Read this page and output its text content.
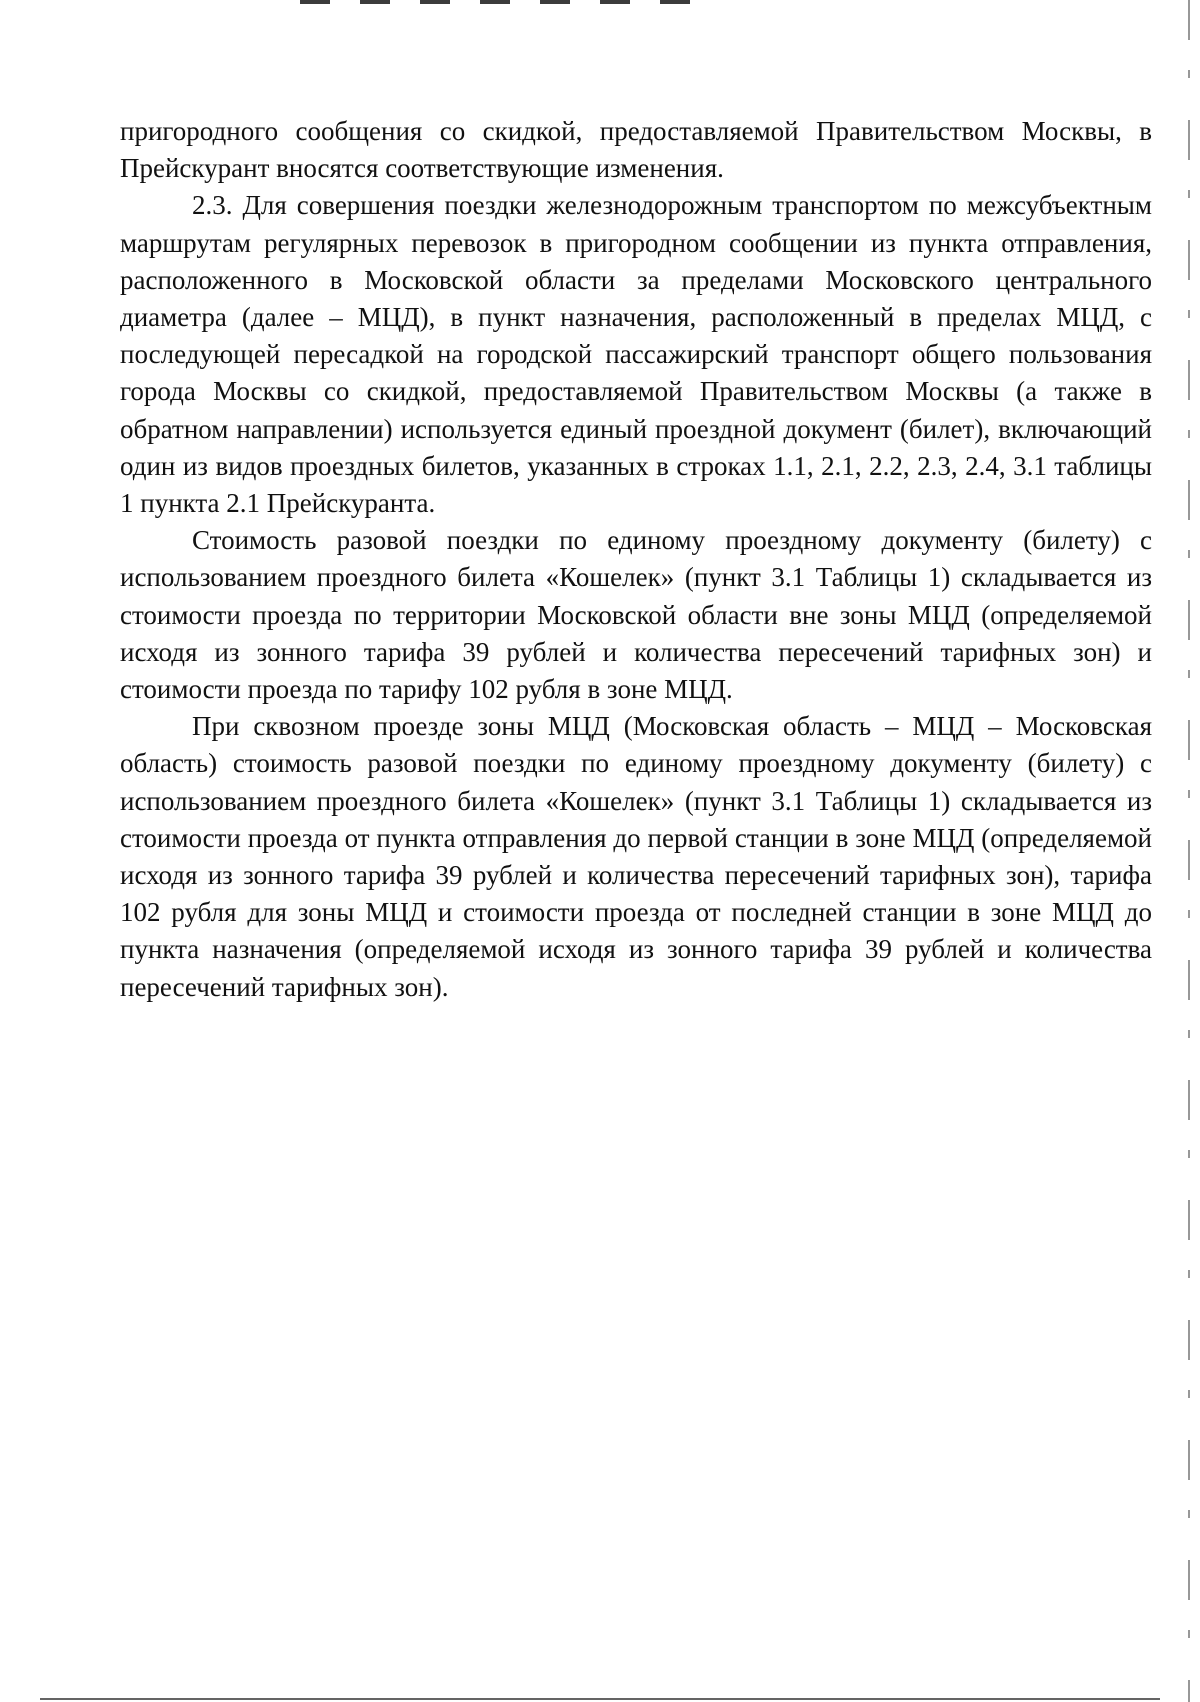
пригородного сообщения со скидкой, предоставляемой Правительством Москвы, в Прейскурант вносятся соответствующие изменения.

2.3. Для совершения поездки железнодорожным транспортом по межсубъектным маршрутам регулярных перевозок в пригородном сообщении из пункта отправления, расположенного в Московской области за пределами Московского центрального диаметра (далее – МЦД), в пункт назначения, расположенный в пределах МЦД, с последующей пересадкой на городской пассажирский транспорт общего пользования города Москвы со скидкой, предоставляемой Правительством Москвы (а также в обратном направлении) используется единый проездной документ (билет), включающий один из видов проездных билетов, указанных в строках 1.1, 2.1, 2.2, 2.3, 2.4, 3.1 таблицы 1 пункта 2.1 Прейскуранта.

Стоимость разовой поездки по единому проездному документу (билету) с использованием проездного билета «Кошелек» (пункт 3.1 Таблицы 1) складывается из стоимости проезда по территории Московской области вне зоны МЦД (определяемой исходя из зонного тарифа 39 рублей и количества пересечений тарифных зон) и стоимости проезда по тарифу 102 рубля в зоне МЦД.

При сквозном проезде зоны МЦД (Московская область – МЦД – Московская область) стоимость разовой поездки по единому проездному документу (билету) с использованием проездного билета «Кошелек» (пункт 3.1 Таблицы 1) складывается из стоимости проезда от пункта отправления до первой станции в зоне МЦД (определяемой исходя из зонного тарифа 39 рублей и количества пересечений тарифных зон), тарифа 102 рубля для зоны МЦД и стоимости проезда от последней станции в зоне МЦД до пункта назначения (определяемой исходя из зонного тарифа 39 рублей и количества пересечений тарифных зон).
